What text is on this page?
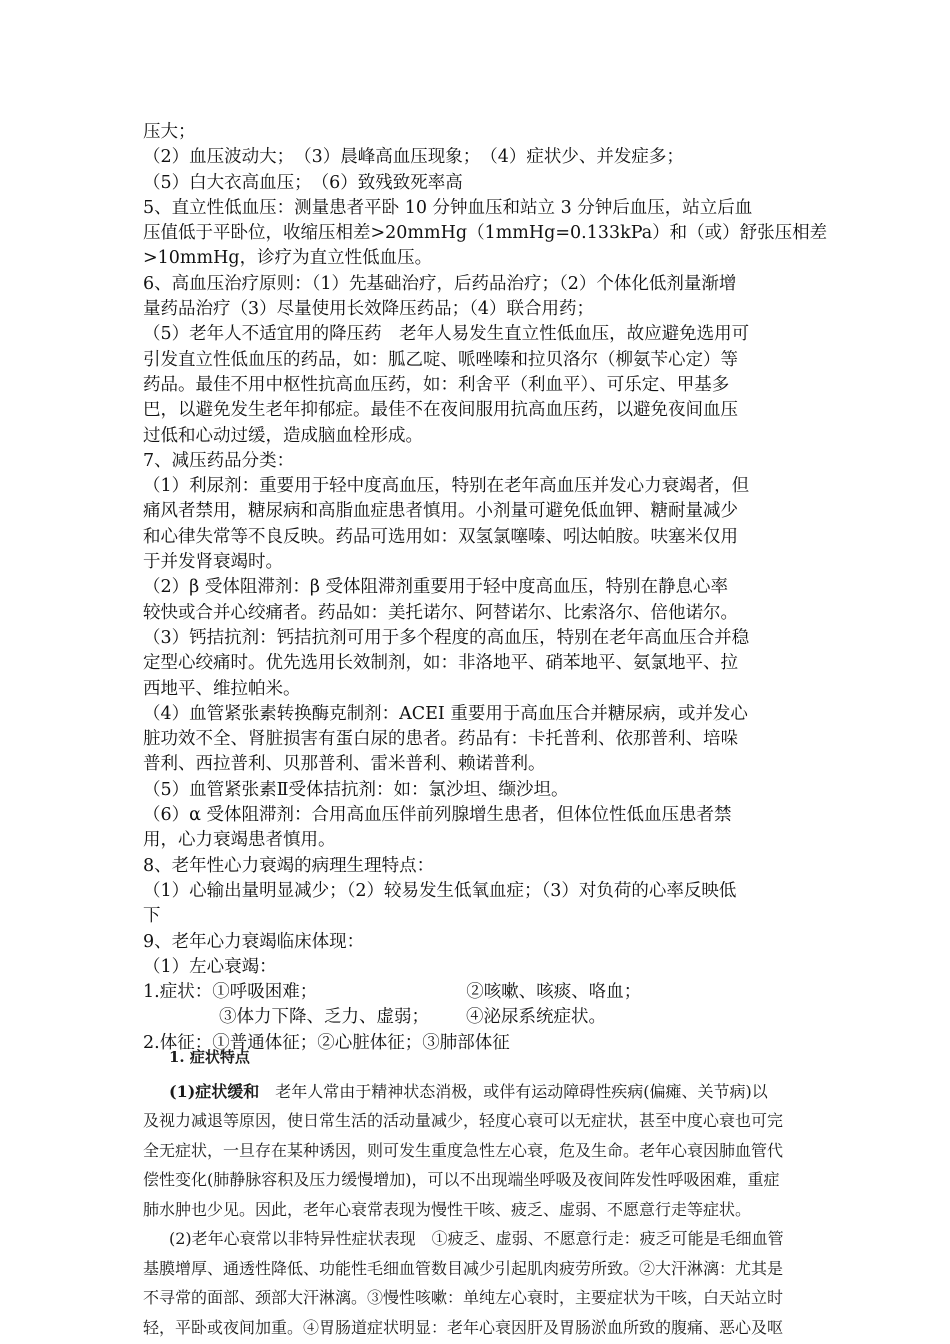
压大；

（2）血压波动大；　（3）晨峰高血压现象；　（4）症状少、并发症多；

（5）白大衣高血压；　（6）致残致死率高

5、直立性低血压：测量患者平卧 10 分钟血压和站立 3 分钟后血压，站立后血

压值低于平卧位，收缩压相差>20mmHg（1mmHg=0.133kPa）和（或）舒张压相差

>10mmHg，诊疗为直立性低血压。

6、高血压治疗原则：（1）先基础治疗，后药品治疗；（2）个体化低剂量渐增

量药品治疗（3）尽量使用长效降压药品；（4）联合用药；

（5）老年人不适宜用的降压药　老年人易发生直立性低血压，故应避免选用可

引发直立性低血压的药品，如：胍乙啶、哌唑嗪和拉贝洛尔（柳氨苄心定）等

药品。最佳不用中枢性抗高血压药，如：利舍平（利血平）、可乐定、甲基多

巴，以避免发生老年抑郁症。最佳不在夜间服用抗高血压药，以避免夜间血压

过低和心动过缓，造成脑血栓形成。

7、减压药品分类：

（1）利尿剂：重要用于轻中度高血压，特别在老年高血压并发心力衰竭者，但

痛风者禁用，糖尿病和高脂血症患者慎用。小剂量可避免低血钾、糖耐量减少

和心律失常等不良反映。药品可选用如：双氢氯噻嗪、吲达帕胺。呋塞米仅用

于并发肾衰竭时。

（2）β 受体阻滞剂：β 受体阻滞剂重要用于轻中度高血压，特别在静息心率

较快或合并心绞痛者。药品如：美托诺尔、阿替诺尔、比索洛尔、倍他诺尔。

（3）钙拮抗剂：钙拮抗剂可用于多个程度的高血压，特别在老年高血压合并稳

定型心绞痛时。优先选用长效制剂，如：非洛地平、硝苯地平、氨氯地平、拉

西地平、维拉帕米。

（4）血管紧张素转换酶克制剂：ACEI 重要用于高血压合并糖尿病，或并发心

脏功效不全、肾脏损害有蛋白尿的患者。药品有：卡托普利、依那普利、培哚

普利、西拉普利、贝那普利、雷米普利、赖诺普利。

（5）血管紧张素Ⅱ受体拮抗剂：如：氯沙坦、缬沙坦。

（6）α 受体阻滞剂：合用高血压伴前列腺增生患者，但体位性低血压患者禁

用，心力衰竭患者慎用。

8、老年性心力衰竭的病理生理特点：

（1）心输出量明显减少；（2）较易发生低氧血症；（3）对负荷的心率反映低

下

9、老年心力衰竭临床体现：

（1）左心衰竭：

1.症状：①呼吸困难；	②咳嗽、咳痰、咯血；

③体力下降、乏力、虚弱； ④泌尿系统症状。

2.体征：①普通体征；②心脏体征；③肺部体征

1. 症状特点

(1)症状缓和　老年人常由于精神状态消极，或伴有运动障碍性疾病(偏瘫、关节病)以

及视力减退等原因，使日常生活的活动量减少，轻度心衰可以无症状，甚至中度心衰也可完

全无症状，一旦存在某种诱因，则可发生重度急性左心衰，危及生命。老年心衰因肺血管代

偿性变化(肺静脉容积及压力缓慢增加)，可以不出现端坐呼吸及夜间阵发性呼吸困难，重症

肺水肿也少见。因此，老年心衰常表现为慢性干咳、疲乏、虚弱、不愿意行走等症状。

(2)老年心衰常以非特异性症状表现　①疲乏、虚弱、不愿意行走：疲乏可能是毛细血管

基膜增厚、通透性降低、功能性毛细血管数目减少引起肌肉疲劳所致。②大汗淋漓：尤其是

不寻常的面部、颈部大汗淋漓。③慢性咳嗽：单纯左心衰时，主要症状为干咳，白天站立时

轻，平卧或夜间加重。④胃肠道症状明显：老年心衰因肝及胃肠淤血所致的腹痛、恶心及呕
